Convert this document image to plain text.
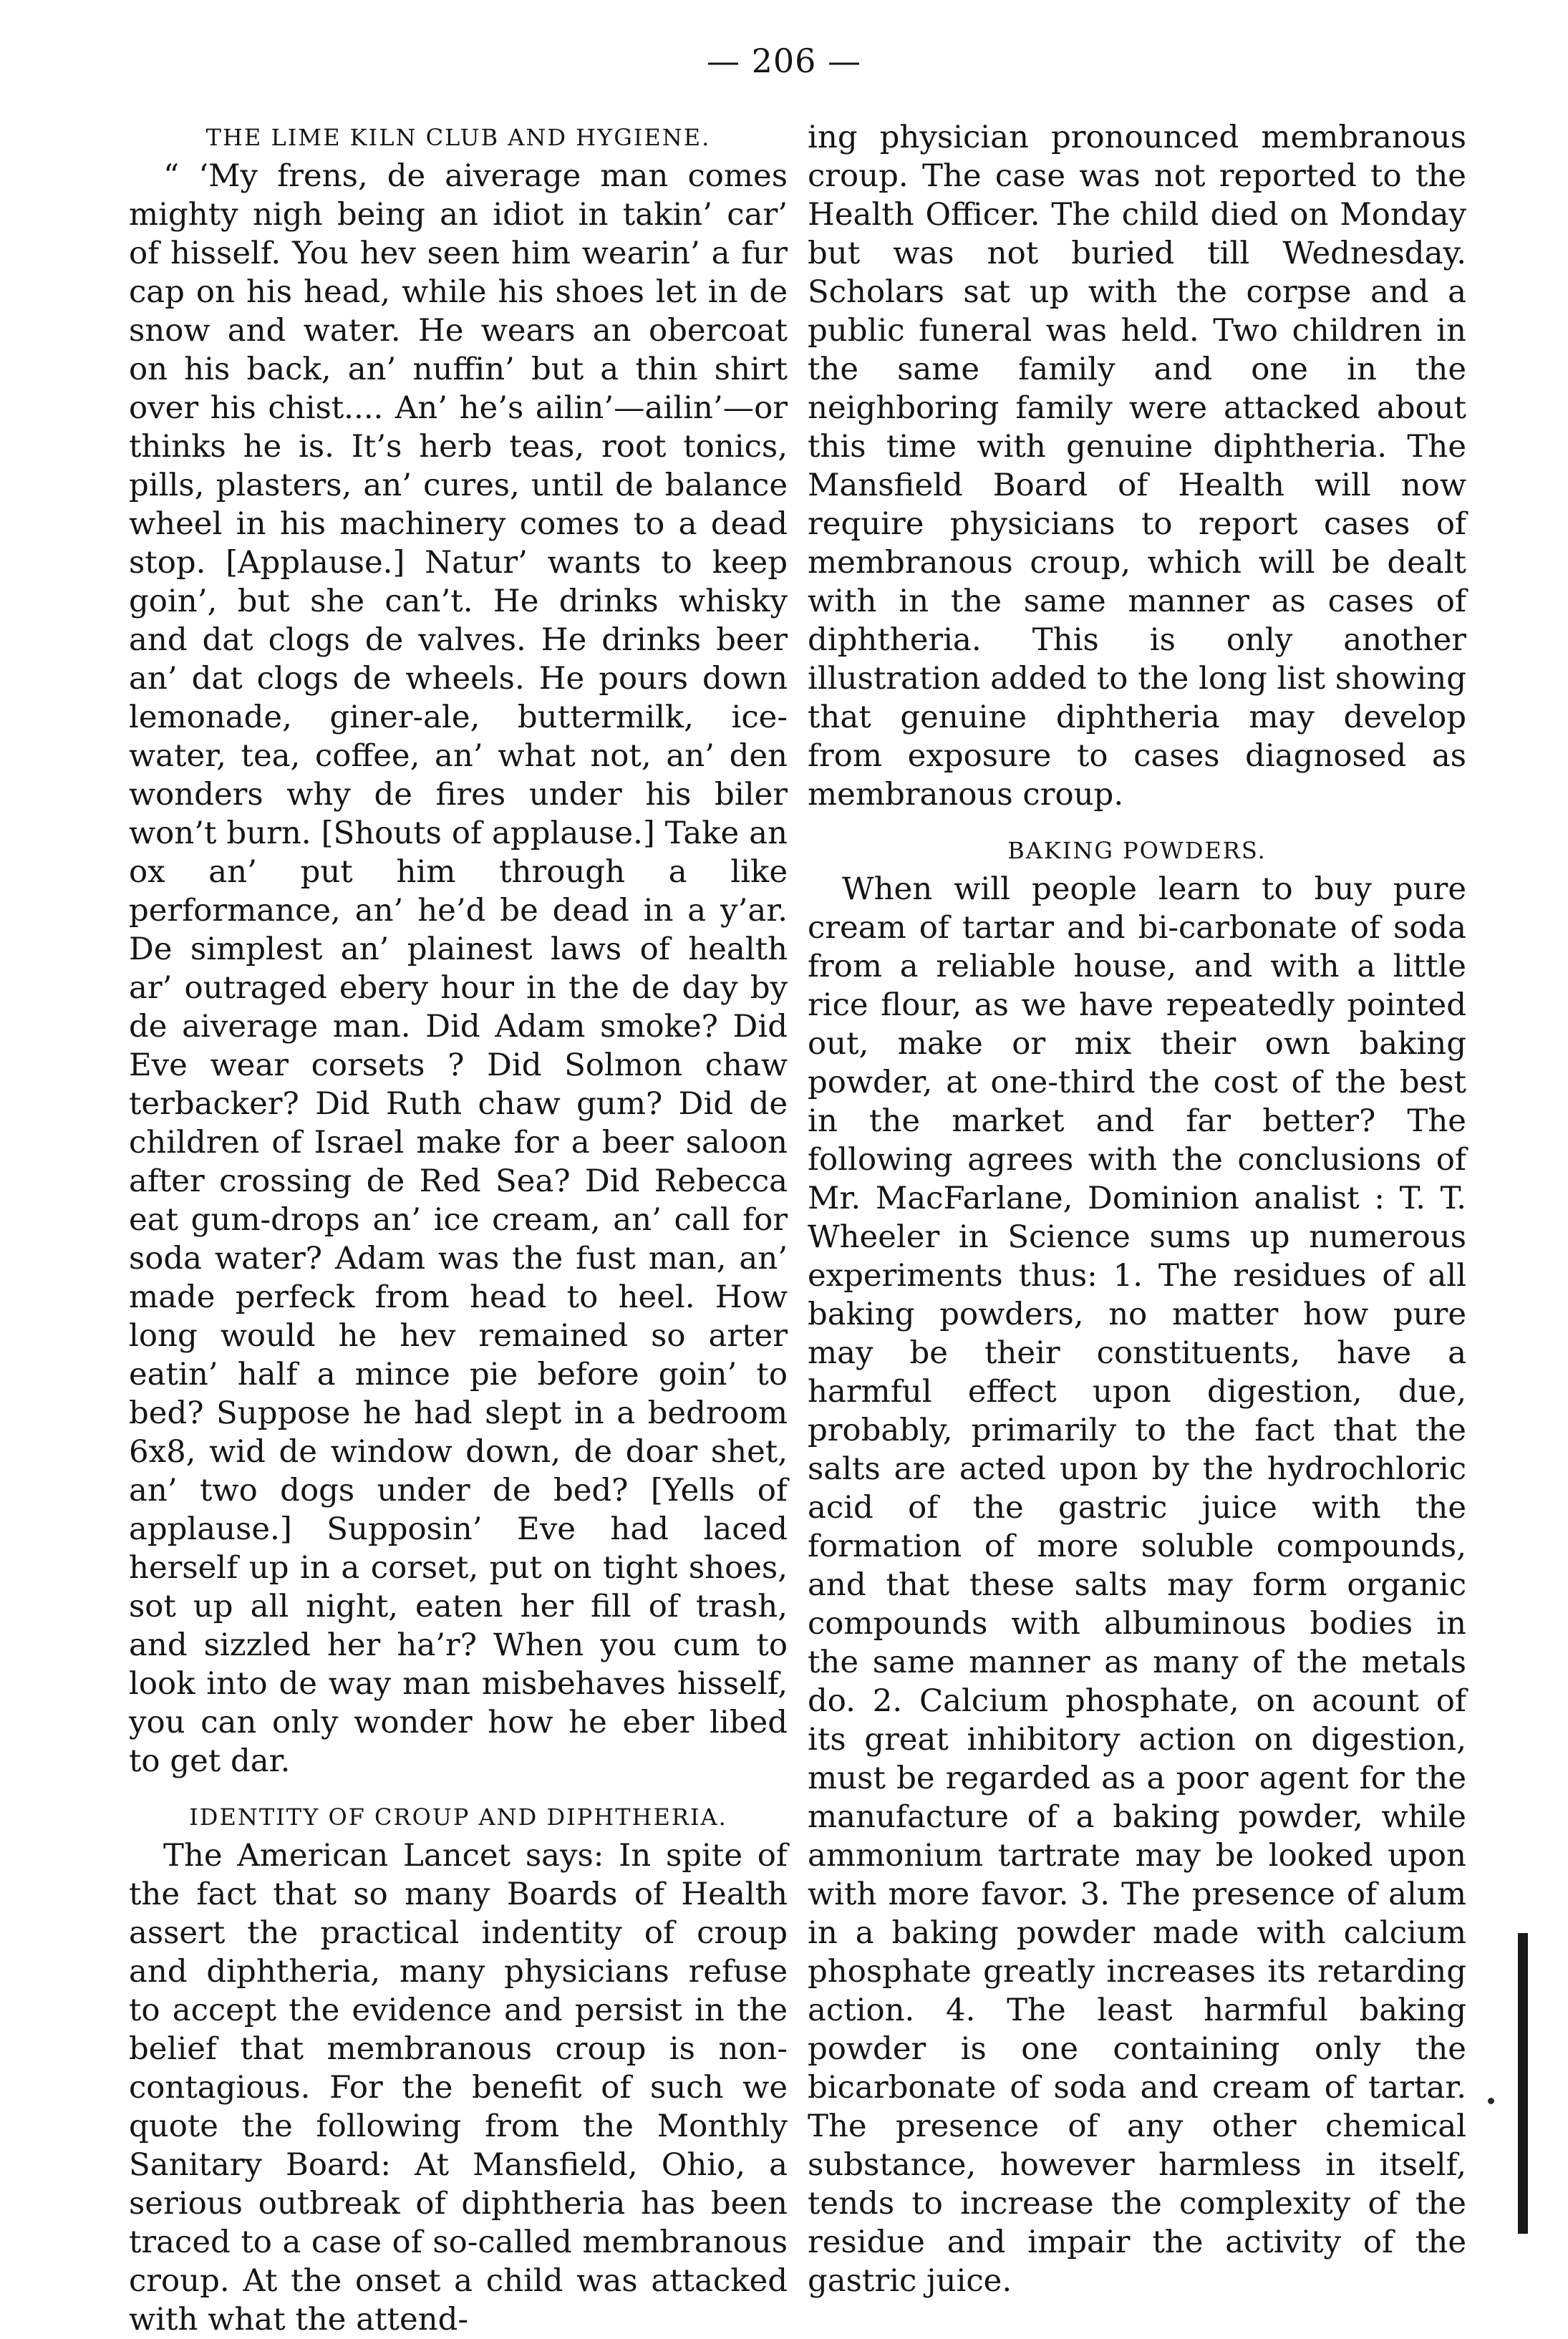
— 206 —
THE LIME KILN CLUB AND HYGIENE.

“ ‘My frens, de aiverage man comes mighty nigh being an idiot in takin’ car’ of hisself. You hev seen him wearin’ a fur cap on his head, while his shoes let in de snow and water. He wears an obercoat on his back, an’ nuffin’ but a thin shirt over his chist.... An’ he’s ailin’—ailin’—or thinks he is. It’s herb teas, root tonics, pills, plasters, an’ cures, until de balance wheel in his machinery comes to a dead stop. [Applause.] Natur’ wants to keep goin’, but she can’t. He drinks whisky and dat clogs de valves. He drinks beer an’ dat clogs de wheels. He pours down lemonade, giner-ale, buttermilk, ice-water, tea, coffee, an’ what not, an’ den wonders why de fires under his biler won’t burn. [Shouts of applause.] Take an ox an’ put him through a like performance, an’ he’d be dead in a y’ar. De simplest an’ plainest laws of health ar’ outraged ebery hour in the de day by de aiverage man. Did Adam smoke? Did Eve wear corsets ? Did Solmon chaw terbacker? Did Ruth chaw gum? Did de children of Israel make for a beer saloon after crossing de Red Sea? Did Rebecca eat gum-drops an’ ice cream, an’ call for soda water? Adam was the fust man, an’ made perfeck from head to heel. How long would he hev remained so arter eatin’ half a mince pie before goin’ to bed? Suppose he had slept in a bedroom 6x8, wid de window down, de doar shet, an’ two dogs under de bed? [Yells of applause.] Supposin’ Eve had laced herself up in a corset, put on tight shoes, sot up all night, eaten her fill of trash, and sizzled her ha’r? When you cum to look into de way man misbehaves hisself, you can only wonder how he eber libed to get dar.

IDENTITY OF CROUP AND DIPHTHERIA.

The American Lancet says: In spite of the fact that so many Boards of Health assert the practical indentity of croup and diphtheria, many physicians refuse to accept the evidence and persist in the belief that membranous croup is non-contagious. For the benefit of such we quote the following from the Monthly Sanitary Board: At Mansfield, Ohio, a serious outbreak of diphtheria has been traced to a case of so-called membranous croup. At the onset a child was attacked with what the attend-

ing physician pronounced membranous croup. The case was not reported to the Health Officer. The child died on Monday but was not buried till Wednesday. Scholars sat up with the corpse and a public funeral was held. Two children in the same family and one in the neighboring family were attacked about this time with genuine diphtheria. The Mansfield Board of Health will now require physicians to report cases of membranous croup, which will be dealt with in the same manner as cases of diphtheria. This is only another illustration added to the long list showing that genuine diphtheria may develop from exposure to cases diagnosed as membranous croup.

BAKING POWDERS.

When will people learn to buy pure cream of tartar and bi-carbonate of soda from a reliable house, and with a little rice flour, as we have repeatedly pointed out, make or mix their own baking powder, at one-third the cost of the best in the market and far better? The following agrees with the conclusions of Mr. MacFarlane, Dominion analist : T. T. Wheeler in Science sums up numerous experiments thus: 1. The residues of all baking powders, no matter how pure may be their constituents, have a harmful effect upon digestion, due, probably, primarily to the fact that the salts are acted upon by the hydrochloric acid of the gastric juice with the formation of more soluble compounds, and that these salts may form organic compounds with albuminous bodies in the same manner as many of the metals do. 2. Calcium phosphate, on acount of its great inhibitory action on digestion, must be regarded as a poor agent for the manufacture of a baking powder, while ammonium tartrate may be looked upon with more favor. 3. The presence of alum in a baking powder made with calcium phosphate greatly increases its retarding action. 4. The least harmful baking powder is one containing only the bicarbonate of soda and cream of tartar. The presence of any other chemical substance, however harmless in itself, tends to increase the complexity of the residue and impair the activity of the gastric juice.
